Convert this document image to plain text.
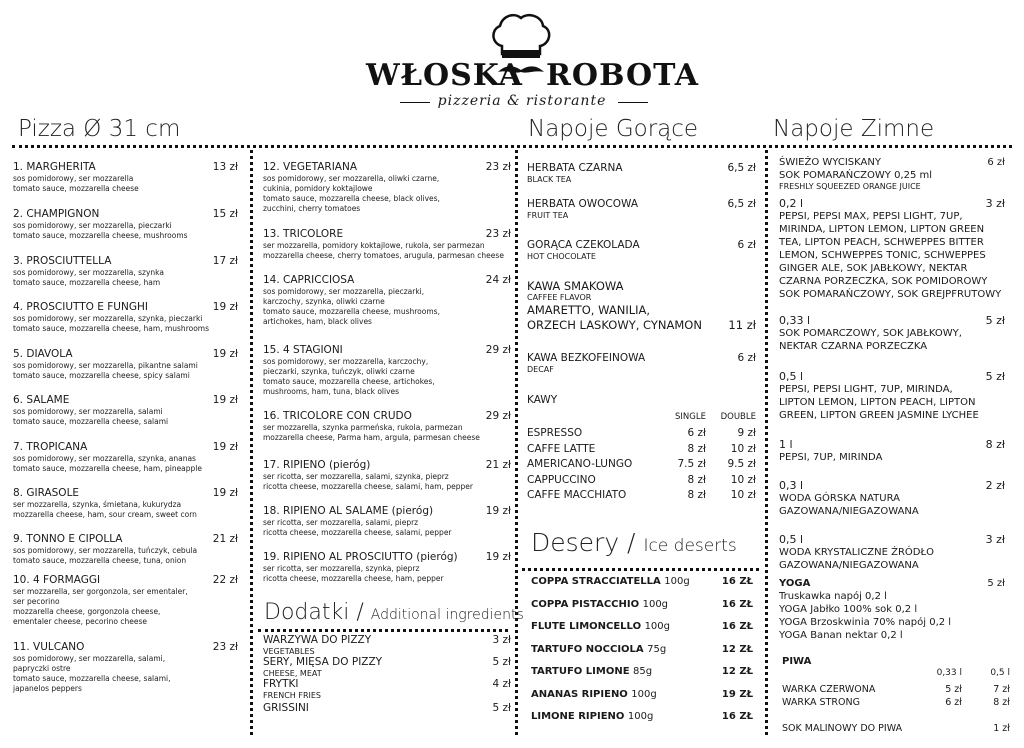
WŁOSKA ROBOTA
pizzeria & ristorante
Pizza Ø 31 cm	Napoje Gorące	Napoje Zimne
1. MARGHERITA	13 zł
sos pomidorowy, ser mozzarella
tomato sauce, mozzarella cheese
2. CHAMPIGNON	15 zł
sos pomidorowy, ser mozzarella, pieczarki
tomato sauce, mozzarella cheese, mushrooms
3. PROSCIUTTELLA	17 zł
sos pomidorowy, ser mozzarella, szynka
tomato sauce, mozzarella cheese, ham
4. PROSCIUTTO E FUNGHI	19 zł
sos pomidorowy, ser mozzarella, szynka, pieczarki
tomato sauce, mozzarella cheese, ham, mushrooms
5. DIAVOLA	19 zł
sos pomidorowy, ser mozzarella, pikantne salami
tomato sauce, mozzarella cheese, spicy salami
6. SALAME	19 zł
sos pomidorowy, ser mozzarella, salami
tomato sauce, mozzarella cheese, salami
7. TROPICANA	19 zł
sos pomidorowy, ser mozzarella, szynka, ananas
tomato sauce, mozzarella cheese, ham, pineapple
8. GIRASOLE	19 zł
ser mozzarella, szynka, śmietana, kukurydza
mozzarella cheese, ham, sour cream, sweet corn
9. TONNO E CIPOLLA	21 zł
sos pomidorowy, ser mozzarella, tuńczyk, cebula
tomato sauce, mozzarella cheese, tuna, onion
10. 4 FORMAGGI	22 zł
ser mozzarella, ser gorgonzola, ser ementaler,
ser pecorino
mozzarella cheese, gorgonzola cheese,
ementaler cheese, pecorino cheese
11. VULCANO	23 zł
sos pomidorowy, ser mozzarella, salami,
papryczki ostre
tomato sauce, mozzarella cheese, salami,
japanelos peppers
12. VEGETARIANA	23 zł
sos pomidorowy, ser mozzarella, oliwki czarne,
cukinia, pomidory koktajlowe
tomato sauce, mozzarella cheese, black olives,
zucchini, cherry tomatoes
13. TRICOLORE	23 zł
ser mozzarella, pomidory koktajlowe, rukola, ser parmezan
mozzarella cheese, cherry tomatoes, arugula, parmesan cheese
14. CAPRICCIOSA	24 zł
sos pomidorowy, ser mozzarella, pieczarki,
karczochy, szynka, oliwki czarne
tomato sauce, mozzarella cheese, mushrooms,
artichokes, ham, black olives
15. 4 STAGIONI	29 zł
sos pomidorowy, ser mozzarella, karczochy,
pieczarki, szynka, tuńczyk, oliwki czarne
tomato sauce, mozzarella cheese, artichokes,
mushrooms, ham, tuna, black olives
16. TRICOLORE CON CRUDO	29 zł
ser mozzarella, szynka parmeńska, rukola, parmezan
mozzarella cheese, Parma ham, argula, parmesan cheese
17. RIPIENO (pieróg)	21 zł
ser ricotta, ser mozzarella, salami, szynka, pieprz
ricotta cheese, mozzarella cheese, salami, ham, pepper
18. RIPIENO AL SALAME (pieróg)	19 zł
ser ricotta, ser mozzarella, salami, pieprz
ricotta cheese, mozzarella cheese, salami, pepper
19. RIPIENO AL PROSCIUTTO (pieróg)	19 zł
ser ricotta, ser mozzarella, szynka, pieprz
ricotta cheese, mozzarella cheese, ham, pepper
Dodatki / Additional ingredients
WARZYWA DO PIZZY	3 zł
VEGETABLES
SERY, MIĘSA DO PIZZY	5 zł
CHEESE, MEAT
FRYTKI	4 zł
FRENCH FRIES
GRISSINI	5 zł
HERBATA CZARNA	6,5 zł
BLACK TEA
HERBATA OWOCOWA	6,5 zł
FRUIT TEA
GORĄCA CZEKOLADA	6 zł
HOT CHOCOLATE
KAWA SMAKOWA
CAFFEE FLAVOR
AMARETTO, WANILIA,
ORZECH LASKOWY, CYNAMON 11 zł
KAWA BEZKOFEINOWA	6 zł
DECAF
KAWY
SINGLE	DOUBLE
ESPRESSO	6 zł	9 zł
CAFFE LATTE	8 zł	10 zł
AMERICANO-LUNGO	7.5 zł	9.5 zł
CAPPUCCINO	8 zł	10 zł
CAFFE MACCHIATO	8 zł	10 zł
Desery / Ice deserts
COPPA STRACCIATELLA 100g	16 ZŁ
COPPA PISTACCHIO 100g	16 ZŁ
FLUTE LIMONCELLO 100g	16 ZŁ
TARTUFO NOCCIOLA 75g	12 ZŁ
TARTUFO LIMONE 85g	12 ZŁ
ANANAS RIPIENO 100g	19 ZŁ
LIMONE RIPIENO 100g	16 ZŁ
ŚWIEŻO WYCISKANY	6 zł
SOK POMARAŃCZOWY 0,25 ml
FRESHLY SQUEEZED ORANGE JUICE
0,2 l	3 zł
PEPSI, PEPSI MAX, PEPSI LIGHT, 7UP,
MIRINDA, LIPTON LEMON, LIPTON GREEN
TEA, LIPTON PEACH, SCHWEPPES BITTER
LEMON, SCHWEPPES TONIC, SCHWEPPES
GINGER ALE, SOK JABŁKOWY, NEKTAR
CZARNA PORZECZKA, SOK POMIDOROWY
SOK POMARAŃCZOWY, SOK GREJPFRUTOWY
0,33 l	5 zł
SOK POMARCZOWY, SOK JABŁKOWY,
NEKTAR CZARNA PORZECZKA
0,5 l	5 zł
PEPSI, PEPSI LIGHT, 7UP, MIRINDA,
LIPTON LEMON, LIPTON PEACH, LIPTON
GREEN, LIPTON GREEN JASMINE LYCHEE
1 l	8 zł
PEPSI, 7UP, MIRINDA
0,3 l	2 zł
WODA GÓRSKA NATURA
GAZOWANA/NIEGAZOWANA
0,5 l	3 zł
WODA KRYSTALICZNE ŹRÓDŁO
GAZOWANA/NIEGAZOWANA
YOGA	5 zł
Truskawka napój 0,2 l
YOGA Jabłko 100% sok 0,2 l
YOGA Brzoskwinia 70% napój 0,2 l
YOGA Banan nektar 0,2 l
PIWA
0,33 l	0,5 l
WARKA CZERWONA	5 zł	7 zł
WARKA STRONG	6 zł	8 zł
SOK MALINOWY DO PIWA	1 zł
